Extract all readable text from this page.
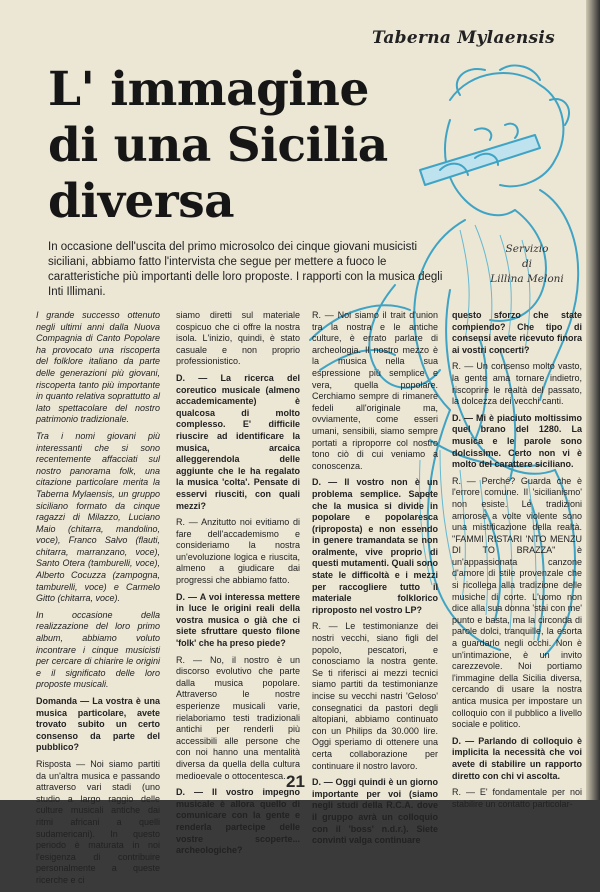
Taberna Mylaensis
L' immagine
di una Sicilia
diversa
In occasione dell'uscita del primo microsolco dei cinque giovani musicisti siciliani, abbiamo fatto l'intervista che segue per mettere a fuoco le caratteristiche più importanti delle loro proposte. I rapporti con la musica degli Inti Illimani.
Servizio
di
Lillina Meloni

I grande successo ottenuto negli ultimi anni dalla Nuova Compagnia di Canto Popolare ha provocato una riscoperta del folklore italiano da parte delle generazioni più giovani, riscoperta tanto più importante in quanto relativa soprattutto al lato spettacolare del nostro patrimonio tradizionale.

Tra i nomi giovani più interessanti che si sono recentemente affacciati sul nostro panorama folk, una citazione particolare merita la Taberna Mylaensis, un gruppo siciliano formato da cinque ragazzi di Milazzo, Luciano Maio (chitarra, mandolino, voce), Franco Salvo (flauti, chitarra, marranzano, voce), Santo Otera (tamburelli, voce), Alberto Cocuzza (zampogna, tamburelli, voce) e Carmelo Gitto (chitarra, voce).

In occasione della realizzazione del loro primo album, abbiamo voluto incontrare i cinque musicisti per cercare di chiarire le origini e il significato delle loro proposte musicali.

Domanda — La vostra è una musica particolare, avete trovato subito un certo consenso da parte del pubblico?

Risposta — Noi siamo partiti da un'altra musica e passando attraverso vari stadi (uno studio a largo raggio delle culture musicali antiche dai ritmi africani a quelli sudamericani). In questo periodo è maturata in noi l'esigenza di contribuire personalmente a queste ricerche e ci

siamo diretti sul materiale cospicuo che ci offre la nostra isola. L'inizio, quindi, è stato casuale e non proprio professionistico.

D. — La ricerca del coreutico musicale (almeno accademicamente) è qualcosa di molto complesso. E' difficile riuscire ad identificare la musica, arcaica alleggerendola delle aggiunte che le ha regalato la musica 'colta'. Pensate di esservi riusciti, con quali mezzi?

R. — Anzitutto noi evitiamo di fare dell'accademismo e consideriamo la nostra un'evoluzione logica e riuscita, almeno a giudicare dai progressi che abbiamo fatto.

D. — A voi interessa mettere in luce le origini reali della vostra musica o già che ci siete sfruttare questo filone 'folk' che ha preso piede?

R. — No, il nostro è un discorso evolutivo che parte dalla musica popolare. Attraverso le nostre esperienze musicali varie, rielaboriamo testi tradizionali antichi per renderli più accessibili alle persone che con noi hanno una mentalità diversa da quella della cultura medioevale o ottocentesca.

D. — Il vostro impegno musicale è allora quello di comunicare con la gente e renderla partecipe delle vostre scoperte... archeologiche?

R. — Noi siamo il trait d'union tra la nostra e le antiche culture, è errato parlare di archeologia. Il nostro mezzo è la musica nella sua espressione più semplice e vera, quella popolare. Cerchiamo sempre di rimanere fedeli all'originale ma, ovviamente, come esseri umani, sensibili, siamo sempre portati a riproporre col nostro tono ciò di cui veniamo a conoscenza.

D. — Il vostro non è un problema semplice. Sapete che la musica si divide in popolare e popolaresca (riproposta) e non essendo in genere tramandata se non oralmente, vive proprio di questi mutamenti. Quali sono state le difficoltà e i mezzi per raccogliere tutto il materiale folklorico riproposto nel vostro LP?

R. — Le testimonianze dei nostri vecchi, siano figli del popolo, pescatori, e conosciamo la nostra gente. Se ti riferisci ai mezzi tecnici siamo partiti da testimonianze incise su vecchi nastri 'Geloso' consegnatici da pastori degli altopiani, abbiamo continuato con un Philips da 30.000 lire. Oggi speriamo di ottenere una certa collaborazione per continuare il nostro lavoro.

D. — Oggi quindi è un giorno importante per voi (siamo negli studi della R.C.A. dove il gruppo avrà un colloquio con il 'boss' n.d.r.). Siete convinti valga continuare

questo sforzo che state compiendo? Che tipo di consensi avete ricevuto finora ai vostri concerti?

R. — Un consenso molto vasto, la gente ama tornare indietro, riscoprire le realtà del passato, la dolcezza dei vecchi canti.

D. — Mi è piaciuto moltissimo quel brano del 1280. La musica e le parole sono dolcissime. Certo non vi è molto del carattere siciliano.

R. — Perché? Guarda che è l'errore comune. Il 'sicilianismo' non esiste. Le tradizioni amorose a volte violente sono una mistificazione della realtà. "FAMMI RISTARI 'NTO MENZU DI TO BRAZZA" è un'appassionata canzone d'amore di stile provenzale che si ricollega alla tradizione delle musiche di corte. L'uomo non dice alla sua donna 'stai con me' punto e basta, ma la circonda di parole dolci, tranquille, la esorta a guardarlo negli occhi. Non è un'intimazione, è un invito carezzevole. Noi portiamo l'immagine della Sicilia diversa, cercando di usare la nostra antica musica per impostare un colloquio con il pubblico a livello sociale e politico.

D. — Parlando di colloquio è implicita la necessità che voi avete di stabilire un rapporto diretto con chi vi ascolta.

R. — E' fondamentale per noi stabilire un contatto particolar-

21
